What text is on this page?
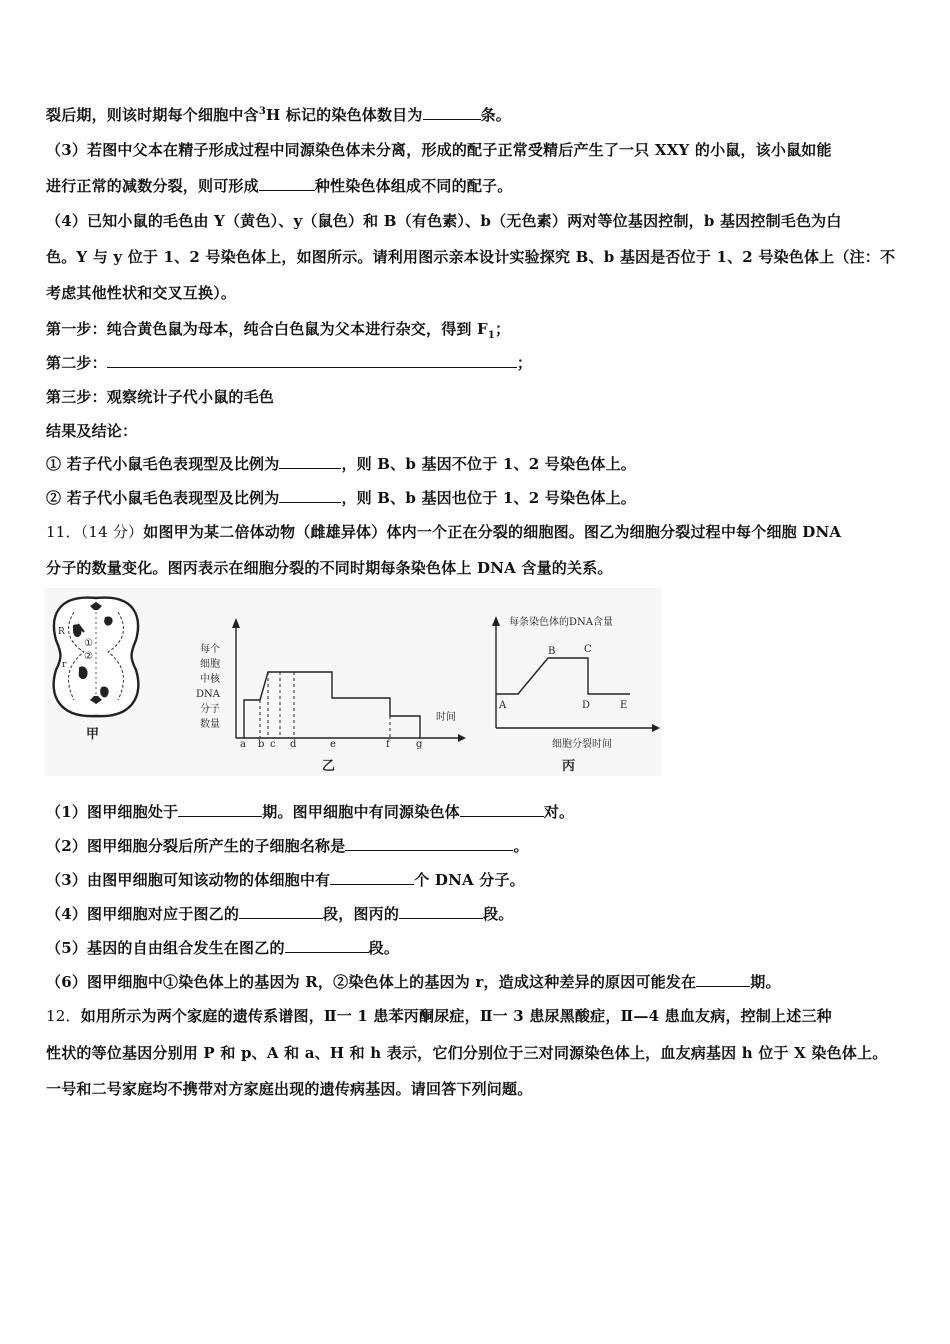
裂后期，则该时期每个细胞中含$^3$H 标记的染色体数目为	条。
（3）若图中父本在精子形成过程中同源染色体未分离，形成的配子正常受精后产生了一只 XXY 的小鼠，该小鼠如能
进行正常的减数分裂，则可形成	种性染色体组成不同的配子。
（4）已知小鼠的毛色由 Y（黄色）、y（鼠色）和 B（有色素）、b（无色素）两对等位基因控制，b 基因控制毛色为白
色。Y 与 y 位于 1、2 号染色体上，如图所示。请利用图示亲本设计实验探究 B、b 基因是否位于 1、2 号染色体上（注：不
考虑其他性状和交叉互换）。
第一步：纯合黄色鼠为母本，纯合白色鼠为父本进行杂交，得到 $F_1$；
第二步：	；
第三步：观察统计子代小鼠的毛色
结果及结论：
① 若子代小鼠毛色表现型及比例为	，则 B、b 基因不位于 1、2 号染色体上。
② 若子代小鼠毛色表现型及比例为	，则 B、b 基因也位于 1、2 号染色体上。
11．（14 分）如图甲为某二倍体动物（雌雄异体）体内一个正在分裂的细胞图。图乙为细胞分裂过程中每个细胞 DNA
分子的数量变化。图丙表示在细胞分裂的不同时期每条染色体上 DNA 含量的关系。
R
r
①
②
甲
每个
细胞
中核
DNA
分子
数量
时间
a b c d	e	f	g
乙
每条染色体的DNA含量
细胞分裂时间
A
B	C
D	E
丙
（1）图甲细胞处于	期。图甲细胞中有同源染色体	对。
（2）图甲细胞分裂后所产生的子细胞名称是	。
（3）由图甲细胞可知该动物的体细胞中有	个 DNA 分子。
（4）图甲细胞对应于图乙的	段，图丙的	段。
（5）基因的自由组合发生在图乙的	段。
（6）图甲细胞中①染色体上的基因为 R，②染色体上的基因为 r，造成这种差异的原因可能发在	期。
12．如用所示为两个家庭的遗传系谱图，Ⅱ一 1 患苯丙酮尿症，Ⅱ一 3 患尿黑酸症，Ⅱ—4 患血友病，控制上述三种
性状的等位基因分别用 P 和 p、A 和 a、H 和 h 表示，它们分别位于三对同源染色体上，血友病基因 h 位于 X 染色体上。
一号和二号家庭均不携带对方家庭出现的遗传病基因。请回答下列问题。
